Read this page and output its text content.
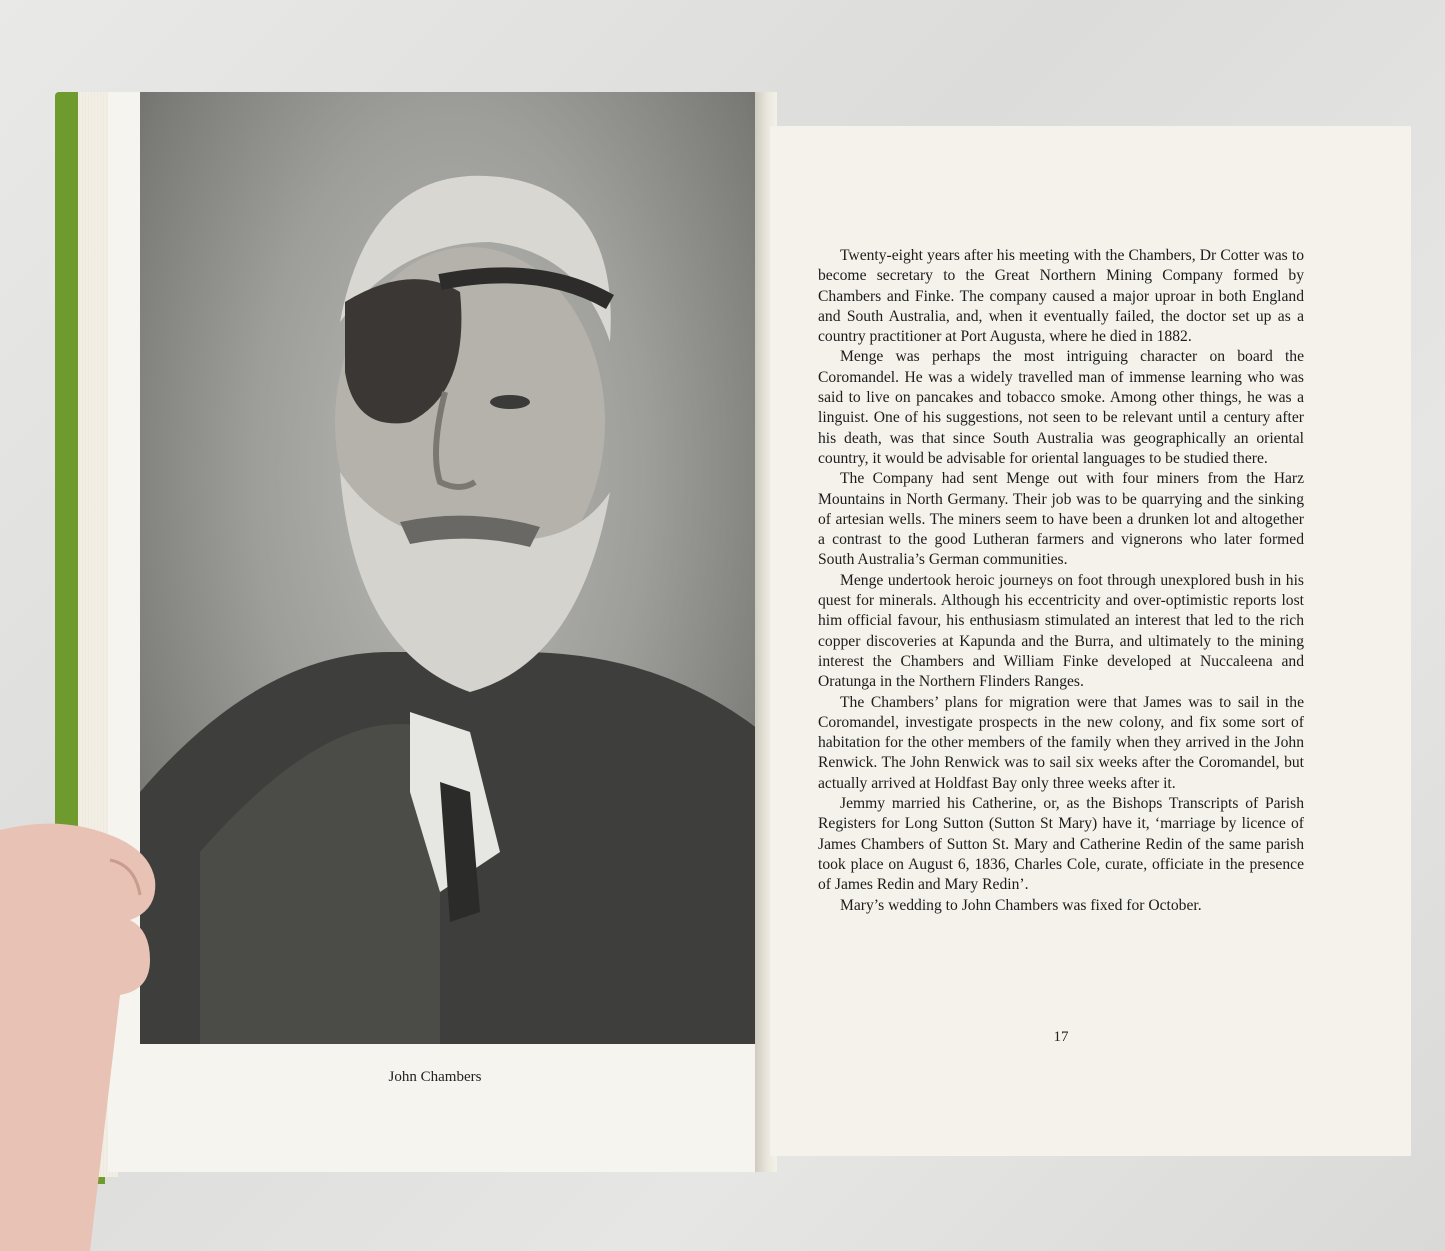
John Chambers

Twenty-eight years after his meeting with the Chambers, Dr Cotter was to become secretary to the Great Northern Mining Company formed by Chambers and Finke. The company caused a major uproar in both England and South Australia, and, when it eventually failed, the doctor set up as a country practitioner at Port Augusta, where he died in 1882.

Menge was perhaps the most intriguing character on board the Coromandel. He was a widely travelled man of immense learning who was said to live on pancakes and tobacco smoke. Among other things, he was a linguist. One of his suggestions, not seen to be relevant until a century after his death, was that since South Australia was geographically an oriental country, it would be advisable for oriental languages to be studied there.

The Company had sent Menge out with four miners from the Harz Mountains in North Germany. Their job was to be quarrying and the sinking of artesian wells. The miners seem to have been a drunken lot and altogether a contrast to the good Lutheran farmers and vignerons who later formed South Australia’s German communities.

Menge undertook heroic journeys on foot through unexplored bush in his quest for minerals. Although his eccentricity and over-optimistic reports lost him official favour, his enthusiasm stimulated an interest that led to the rich copper discoveries at Kapunda and the Burra, and ultimately to the mining interest the Chambers and William Finke developed at Nuccaleena and Oratunga in the Northern Flinders Ranges.

The Chambers’ plans for migration were that James was to sail in the Coromandel, investigate prospects in the new colony, and fix some sort of habitation for the other members of the family when they arrived in the John Renwick. The John Renwick was to sail six weeks after the Coromandel, but actually arrived at Holdfast Bay only three weeks after it.

Jemmy married his Catherine, or, as the Bishops Transcripts of Parish Registers for Long Sutton (Sutton St Mary) have it, ‘marriage by licence of James Chambers of Sutton St. Mary and Catherine Redin of the same parish took place on August 6, 1836, Charles Cole, curate, officiate in the presence of James Redin and Mary Redin’.

Mary’s wedding to John Chambers was fixed for October.

17
